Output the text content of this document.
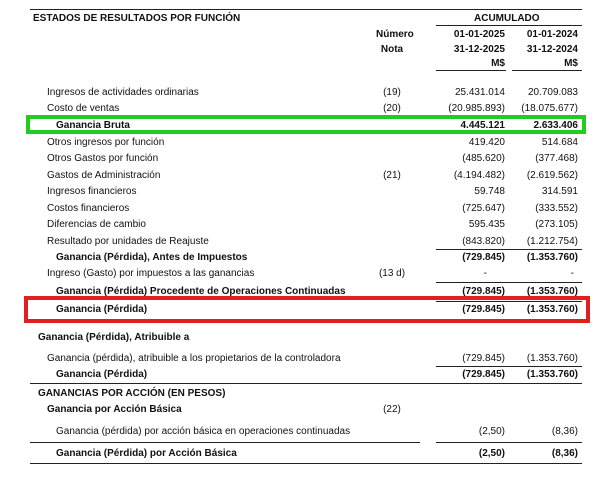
ESTADOS DE RESULTADOS POR FUNCIÓN	ACUMULADO
Número
Nota
01-01-2025
31-12-2025
M$
01-01-2024
31-12-2024
M$
Ingresos de actividades ordinarias	(19)	25.431.014	20.709.083
Costo de ventas	(20)	(20.985.893)	(18.075.677)
Ganancia Bruta	4.445.121	2.633.406
Otros ingresos por función	419.420	514.684
Otros Gastos por función	(485.620)	(377.468)
Gastos de Administración	(21)	(4.194.482)	(2.619.562)
Ingresos financieros	59.748	314.591
Costos financieros	(725.647)	(333.552)
Diferencias de cambio	595.435	(273.105)
Resultado por unidades de Reajuste	(843.820)	(1.212.754)
Ganancia (Pérdida), Antes de Impuestos	(729.845)	(1.353.760)
Ingreso (Gasto) por impuestos a las ganancias	(13 d)	-	-
Ganancia (Pérdida) Procedente de Operaciones Continuadas	(729.845)	(1.353.760)
Ganancia (Pérdida)	(729.845)	(1.353.760)
Ganancia (Pérdida), Atribuible a
Ganancia (pérdida), atribuible a los propietarios de la controladora	(729.845)	(1.353.760)
Ganancia (Pérdida)	(729.845)	(1.353.760)
GANANCIAS POR ACCIÓN (EN PESOS)
Ganancia por Acción Básica	(22)
Ganancia (pérdida) por acción básica en operaciones continuadas	(2,50)	(8,36)
Ganancia (Pérdida) por Acción Básica	(2,50)	(8,36)
